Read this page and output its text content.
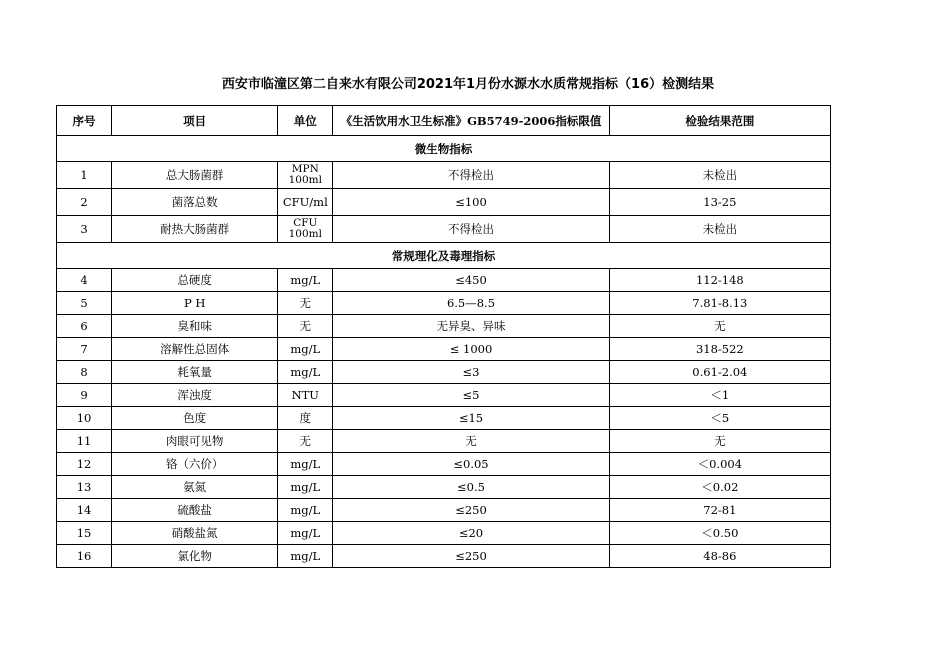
西安市临潼区第二自来水有限公司2021年1月份水源水水质常规指标（16）检测结果
序号	项目	单位	《生活饮用水卫生标准》GB5749-2006指标限值	检验结果范围
微生物指标				
1	总大肠菌群	MPN 100ml	不得检出	未检出
2	菌落总数	CFU/ml	≤100	13-25
3	耐热大肠菌群	CFU 100ml	不得检出	未检出
常规理化及毒理指标				
4	总硬度	mg/L	≤450	112-148
5	P H	无	6.5—8.5	7.81-8.13
6	臭和味	无	无异臭、异味	无
7	溶解性总固体	mg/L	≤ 1000	318-522
8	耗氧量	mg/L	≤3	0.61-2.04
9	浑浊度	NTU	≤5	＜1
10	色度	度	≤15	＜5
11	肉眼可见物	无	无	无
12	铬（六价）	mg/L	≤0.05	＜0.004
13	氨氮	mg/L	≤0.5	＜0.02
14	硫酸盐	mg/L	≤250	72-81
15	硝酸盐氮	mg/L	≤20	＜0.50
16	氯化物	mg/L	≤250	48-86
